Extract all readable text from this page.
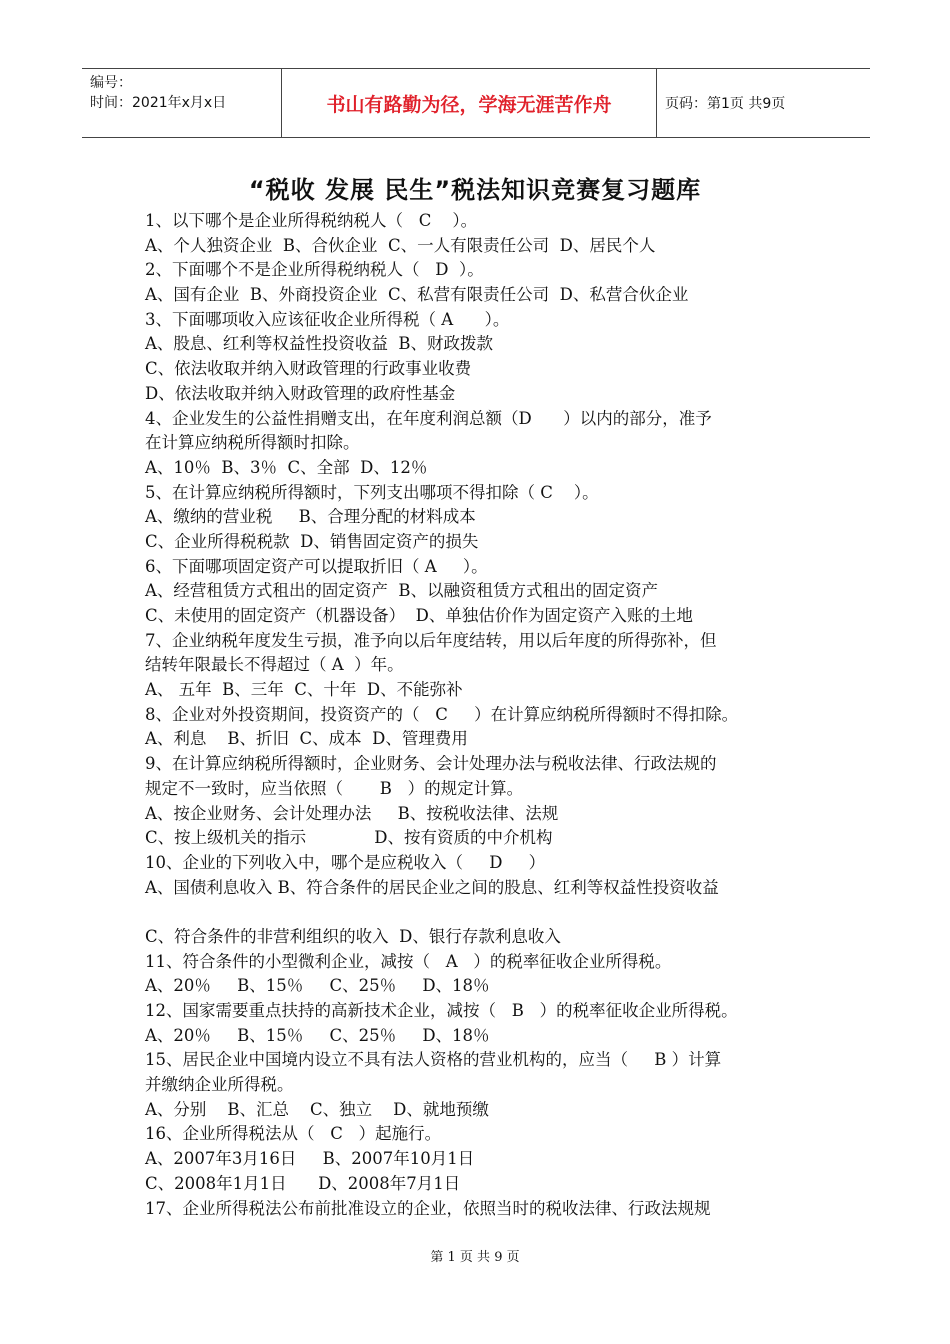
编号：
时间：2021年x月x日	书山有路勤为径，学海无涯苦作舟	页码：第1页 共9页
“税收 发展 民生”税法知识竞赛复习题库
1、以下哪个是企业所得税纳税人（   C    ）。
A、个人独资企业  B、合伙企业  C、一人有限责任公司  D、居民个人
2、下面哪个不是企业所得税纳税人（   D  ）。
A、国有企业  B、外商投资企业  C、私营有限责任公司  D、私营合伙企业
3、下面哪项收入应该征收企业所得税（ A      ）。
A、股息、红利等权益性投资收益  B、财政拨款
C、依法收取并纳入财政管理的行政事业收费
D、依法收取并纳入财政管理的政府性基金
4、企业发生的公益性捐赠支出，在年度利润总额（D      ）以内的部分，准予
在计算应纳税所得额时扣除。
A、10％  B、3％  C、全部  D、12％
5、在计算应纳税所得额时，下列支出哪项不得扣除（ C    ）。
A、缴纳的营业税     B、合理分配的材料成本
C、企业所得税税款  D、销售固定资产的损失
6、下面哪项固定资产可以提取折旧（ A     ）。
A、经营租赁方式租出的固定资产  B、以融资租赁方式租出的固定资产
C、未使用的固定资产（机器设备）  D、单独估价作为固定资产入账的土地
7、企业纳税年度发生亏损，准予向以后年度结转，用以后年度的所得弥补，但
结转年限最长不得超过（ A  ）年。
A、 五年  B、三年  C、十年  D、不能弥补
8、企业对外投资期间，投资资产的（   C     ）在计算应纳税所得额时不得扣除。
A、利息    B、折旧  C、成本  D、管理费用
9、在计算应纳税所得额时，企业财务、会计处理办法与税收法律、行政法规的
规定不一致时，应当依照（       B   ）的规定计算。
A、按企业财务、会计处理办法     B、按税收法律、法规
C、按上级机关的指示             D、按有资质的中介机构
10、企业的下列收入中，哪个是应税收入（     D     ）
A、国债利息收入 B、符合条件的居民企业之间的股息、红利等权益性投资收益
C、符合条件的非营利组织的收入  D、银行存款利息收入
11、符合条件的小型微利企业，减按（   A   ）的税率征收企业所得税。
A、20％     B、15％     C、25％     D、18％
12、国家需要重点扶持的高新技术企业，减按（   B   ）的税率征收企业所得税。
A、20％     B、15％     C、25％     D、18％
15、居民企业中国境内设立不具有法人资格的营业机构的，应当（     B ）计算
并缴纳企业所得税。
A、分别    B、汇总    C、独立    D、就地预缴
16、企业所得税法从（   C   ）起施行。
A、2007年3月16日     B、2007年10月1日
C、2008年1月1日      D、2008年7月1日
17、企业所得税法公布前批准设立的企业，依照当时的税收法律、行政法规规
第 1 页 共 9 页
